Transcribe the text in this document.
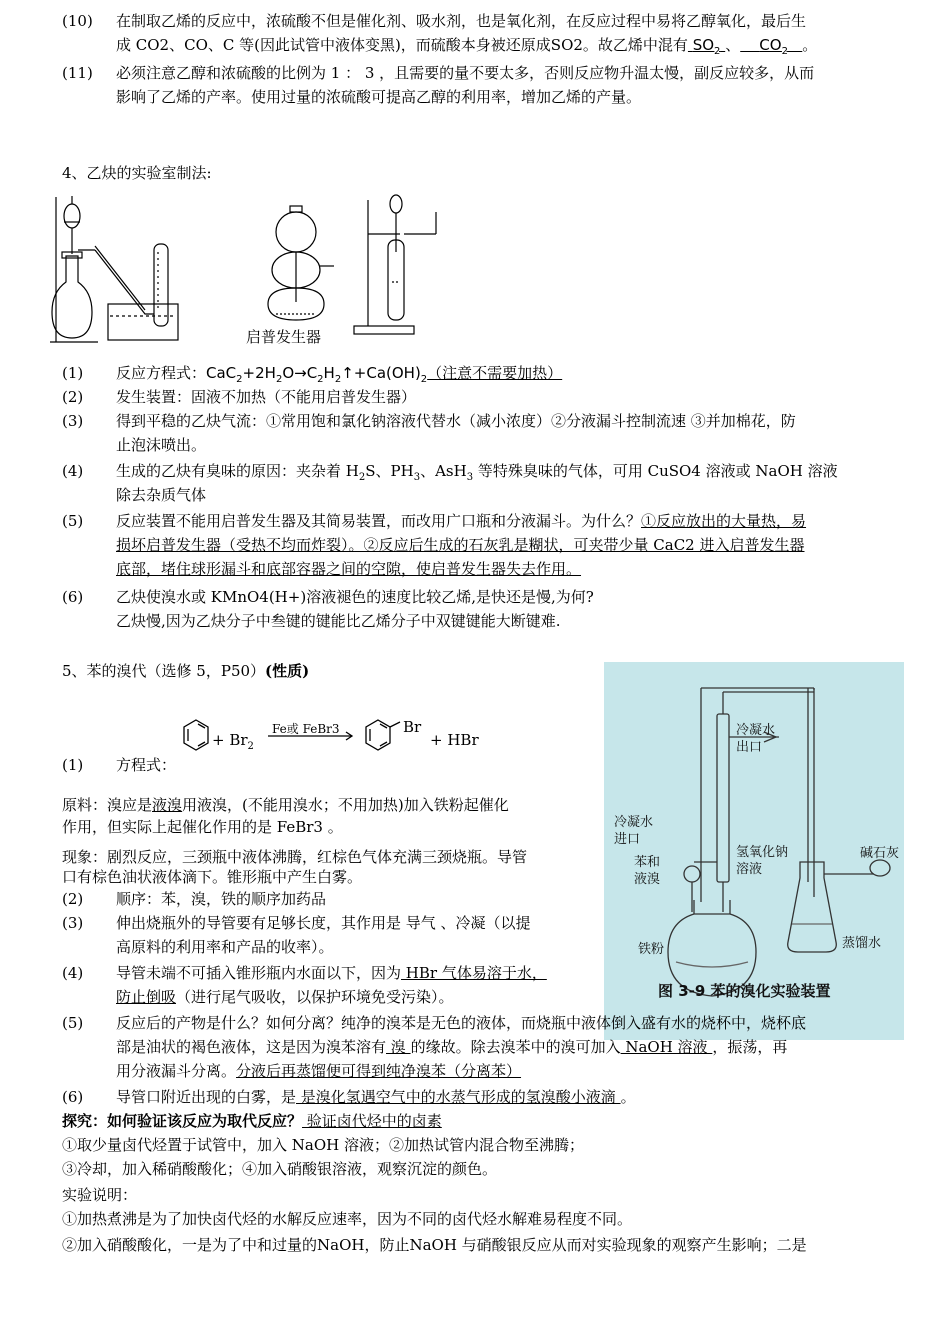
(10)	在制取乙烯的反应中，浓硫酸不但是催化剂、吸水剂，也是氧化剂，在反应过程中易将乙醇氧化，最后生
成 CO2、CO、C 等(因此试管中液体变黑)，而硫酸本身被还原成SO2。故乙烯中混有 $SO_2$ 、 $CO_2$ 。
(11)	必须注意乙醇和浓硫酸的比例为 1 ： 3 ，且需要的量不要太多，否则反应物升温太慢，副反应较多，从而
影响了乙烯的产率。使用过量的浓硫酸可提高乙醇的利用率，增加乙烯的产量。
4、乙炔的实验室制法:
启普发生器
(1)	反应方程式：$CaC_2+2H_2O\to C_2H_2↑+Ca(OH)_2$（注意不需要加热）
(2)	发生装置：固液不加热（不能用启普发生器）
(3)	得到平稳的乙炔气流：①常用饱和氯化钠溶液代替水（减小浓度）②分液漏斗控制流速 ③并加棉花，防
止泡沫喷出。
(4)	生成的乙炔有臭味的原因：夹杂着 $H_2S$、$PH_3$、AsH$_3$ 等特殊臭味的气体，可用 CuSO4 溶液或 NaOH 溶液
除去杂质气体
(5)	反应装置不能用启普发生器及其简易装置，而改用广口瓶和分液漏斗。为什么？①反应放出的大量热，易
损坏启普发生器（受热不均而炸裂）。②反应后生成的石灰乳是糊状，可夹带少量 CaC2 进入启普发生器
底部，堵住球形漏斗和底部容器之间的空隙，使启普发生器失去作用。
(6)	乙炔使溴水或 KMnO4(H+)溶液褪色的速度比较乙烯,是快还是慢,为何?
乙炔慢,因为乙炔分子中叁键的键能比乙烯分子中双键键能大断键难.
5、苯的溴代（选修 5，P50）(性质)
(1)	方程式：
+ $Br_2$
Fe或 FeBr3	Br
+ HBr
原料：溴应是液溴用液溴，(不能用溴水；不用加热)加入铁粉起催化
作用，但实际上起催化作用的是 FeBr3 。
现象：剧烈反应，三颈瓶中液体沸腾，红棕色气体充满三颈烧瓶。导管
口有棕色油状液体滴下。锥形瓶中产生白雾。
(2)	顺序：苯，溴，铁的顺序加药品
(3)	伸出烧瓶外的导管要有足够长度，其作用是 导气 、冷凝（以提
高原料的利用率和产品的收率）。
(4)	导管未端不可插入锥形瓶内水面以下，因为 HBr 气体易溶于水，
防止倒吸（进行尾气吸收，以保护环境免受污染）。
冷凝水
出口
冷凝水
进口
苯和
液溴
氢氧化钠
溶液
碱石灰
铁粉	蒸馏水
图 3-9 苯的溴化实验装置
(5)	反应后的产物是什么？如何分离？纯净的溴苯是无色的液体，而烧瓶中液体倒入盛有水的烧杯中，烧杯底
部是油状的褐色液体，这是因为溴苯溶有 溴 的缘故。除去溴苯中的溴可加入 NaOH 溶液 ，振荡，再
用分液漏斗分离。分液后再蒸馏便可得到纯净溴苯（分离苯）
(6)	导管口附近出现的白雾，是 是溴化氢遇空气中的水蒸气形成的氢溴酸小液滴 。
探究：如何验证该反应为取代反应？ 验证卤代烃中的卤素
①取少量卤代烃置于试管中，加入 NaOH 溶液；②加热试管内混合物至沸腾；
③冷却，加入稀硝酸酸化；④加入硝酸银溶液，观察沉淀的颜色。
实验说明：
①加热煮沸是为了加快卤代烃的水解反应速率，因为不同的卤代烃水解难易程度不同。
②加入硝酸酸化，一是为了中和过量的NaOH，防止NaOH 与硝酸银反应从而对实验现象的观察产生影响；二是
